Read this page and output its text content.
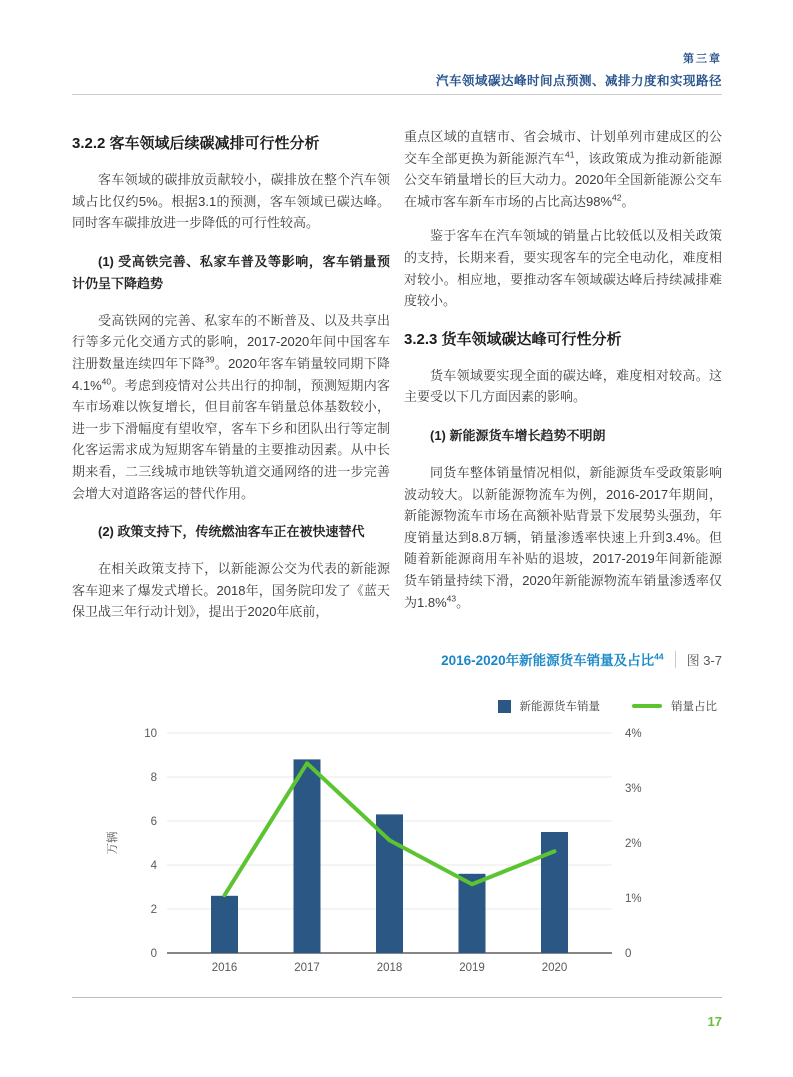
第三章
汽车领域碳达峰时间点预测、减排力度和实现路径
3.2.2 客车领域后续碳减排可行性分析

客车领域的碳排放贡献较小，碳排放在整个汽车领域占比仅约5%。根据3.1的预测，客车领域已碳达峰。同时客车碳排放进一步降低的可行性较高。

(1) 受高铁完善、私家车普及等影响，客车销量预计仍呈下降趋势

受高铁网的完善、私家车的不断普及、以及共享出行等多元化交通方式的影响，2017-2020年间中国客车注册数量连续四年下降$^{39}$。2020年客车销量较同期下降4.1%$^{40}$。考虑到疫情对公共出行的抑制，预测短期内客车市场难以恢复增长，但目前客车销量总体基数较小，进一步下滑幅度有望收窄，客车下乡和团队出行等定制化客运需求成为短期客车销量的主要推动因素。从中长期来看，二三线城市地铁等轨道交通网络的进一步完善会增大对道路客运的替代作用。

(2) 政策支持下，传统燃油客车正在被快速替代

在相关政策支持下，以新能源公交为代表的新能源客车迎来了爆发式增长。2018年，国务院印发了《蓝天保卫战三年行动计划》，提出于2020年底前，

重点区域的直辖市、省会城市、计划单列市建成区的公交车全部更换为新能源汽车$^{41}$，该政策成为推动新能源公交车销量增长的巨大动力。2020年全国新能源公交车在城市客车新车市场的占比高达98%$^{42}$。

鉴于客车在汽车领域的销量占比较低以及相关政策的支持，长期来看，要实现客车的完全电动化，难度相对较小。相应地，要推动客车领域碳达峰后持续减排难度较小。

3.2.3 货车领域碳达峰可行性分析

货车领域要实现全面的碳达峰，难度相对较高。这主要受以下几方面因素的影响。

(1) 新能源货车增长趋势不明朗

同货车整体销量情况相似，新能源货车受政策影响波动较大。以新能源物流车为例，2016-2017年期间，新能源物流车市场在高额补贴背景下发展势头强劲，年度销量达到8.8万辆，销量渗透率快速上升到3.4%。但随着新能源商用车补贴的退坡，2017-2019年间新能源货车销量持续下滑，2020年新能源物流车销量渗透率仅为1.8%$^{43}$。

2016-2020年新能源货车销量及占比$^{44}$ 图 3-7
新能源货车销量	销量占比
0
2
4
6
8
10
万辆
0
1%
2%
3%
4%
2016	2017	2018	2019	2020
17
